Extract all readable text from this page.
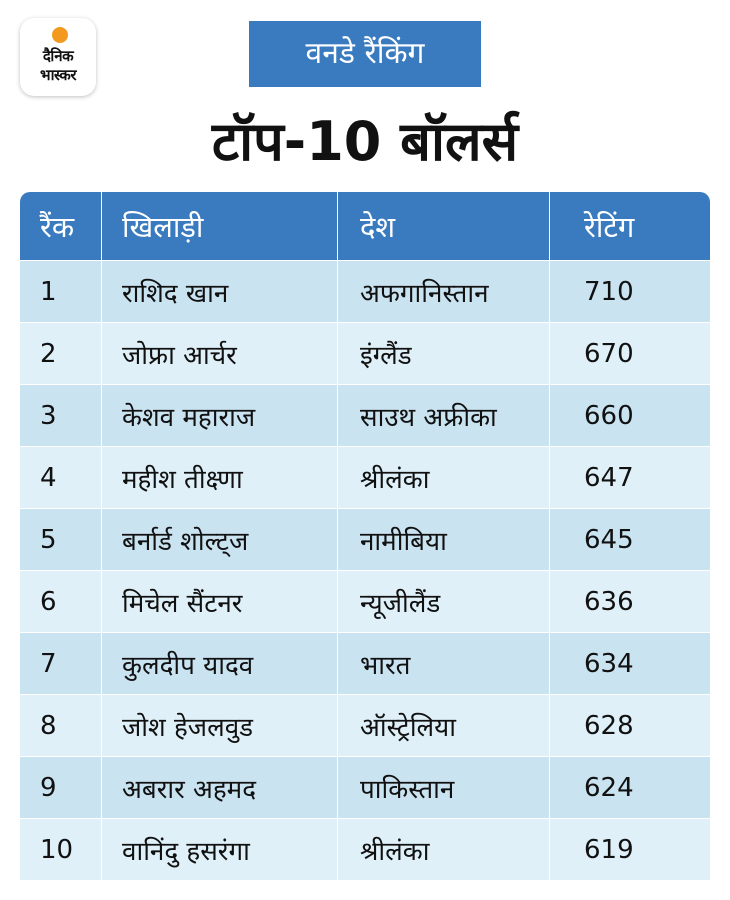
दैनिक
भास्कर
वनडे रैंकिंग
टॉप-10 बॉलर्स
रैंक	खिलाड़ी	देश	रेटिंग
1	राशिद खान	अफगानिस्तान	710
2	जोफ्रा आर्चर	इंग्लैंड	670
3	केशव महाराज	साउथ अफ्रीका	660
4	महीश तीक्ष्णा	श्रीलंका	647
5	बर्नार्ड शोल्ट्ज	नामीबिया	645
6	मिचेल सैंटनर	न्यूजीलैंड	636
7	कुलदीप यादव	भारत	634
8	जोश हेजलवुड	ऑस्ट्रेलिया	628
9	अबरार अहमद	पाकिस्तान	624
10	वानिंदु हसरंगा	श्रीलंका	619
